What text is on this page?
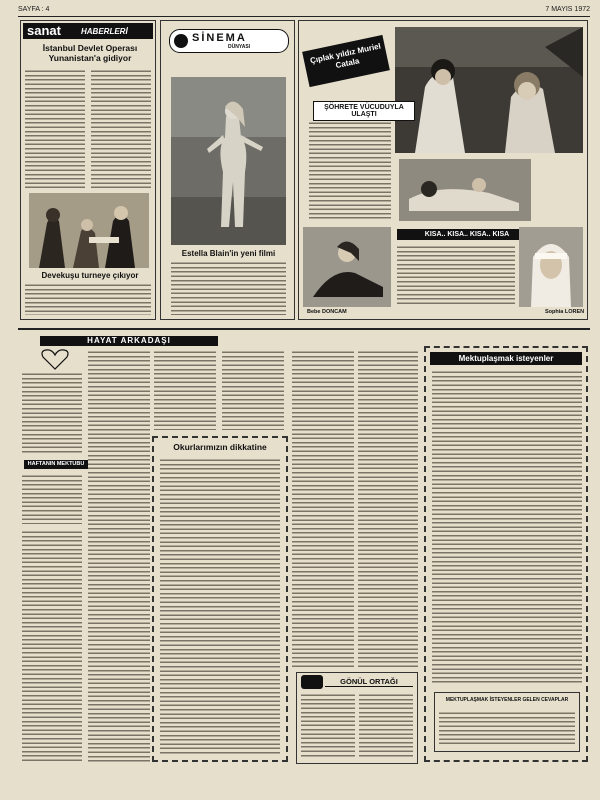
SAYFA : 4	7 MAYIS 1972
sanat	HABERLERİ
İstanbul Devlet Operası Yunanistan'a gidiyor
Devekuşu turneye çıkıyor
SİNEMA
DÜNYASI
Estella Blain'in yeni filmi
Çıplak yıldız Muriel Catala
ŞÖHRETE VÜCUDUYLA ULAŞTI
KISA.. KISA.. KISA.. KISA
Bebe DONCAM	Sophia LOREN
HAYAT ARKADAŞI
HAFTANIN MEKTUBU
Okurlarımızın dikkatine
GÖNÜL ORTAĞI
Mektuplaşmak isteyenler
MEKTUPLAŞMAK İSTEYENLER GELEN CEVAPLAR
